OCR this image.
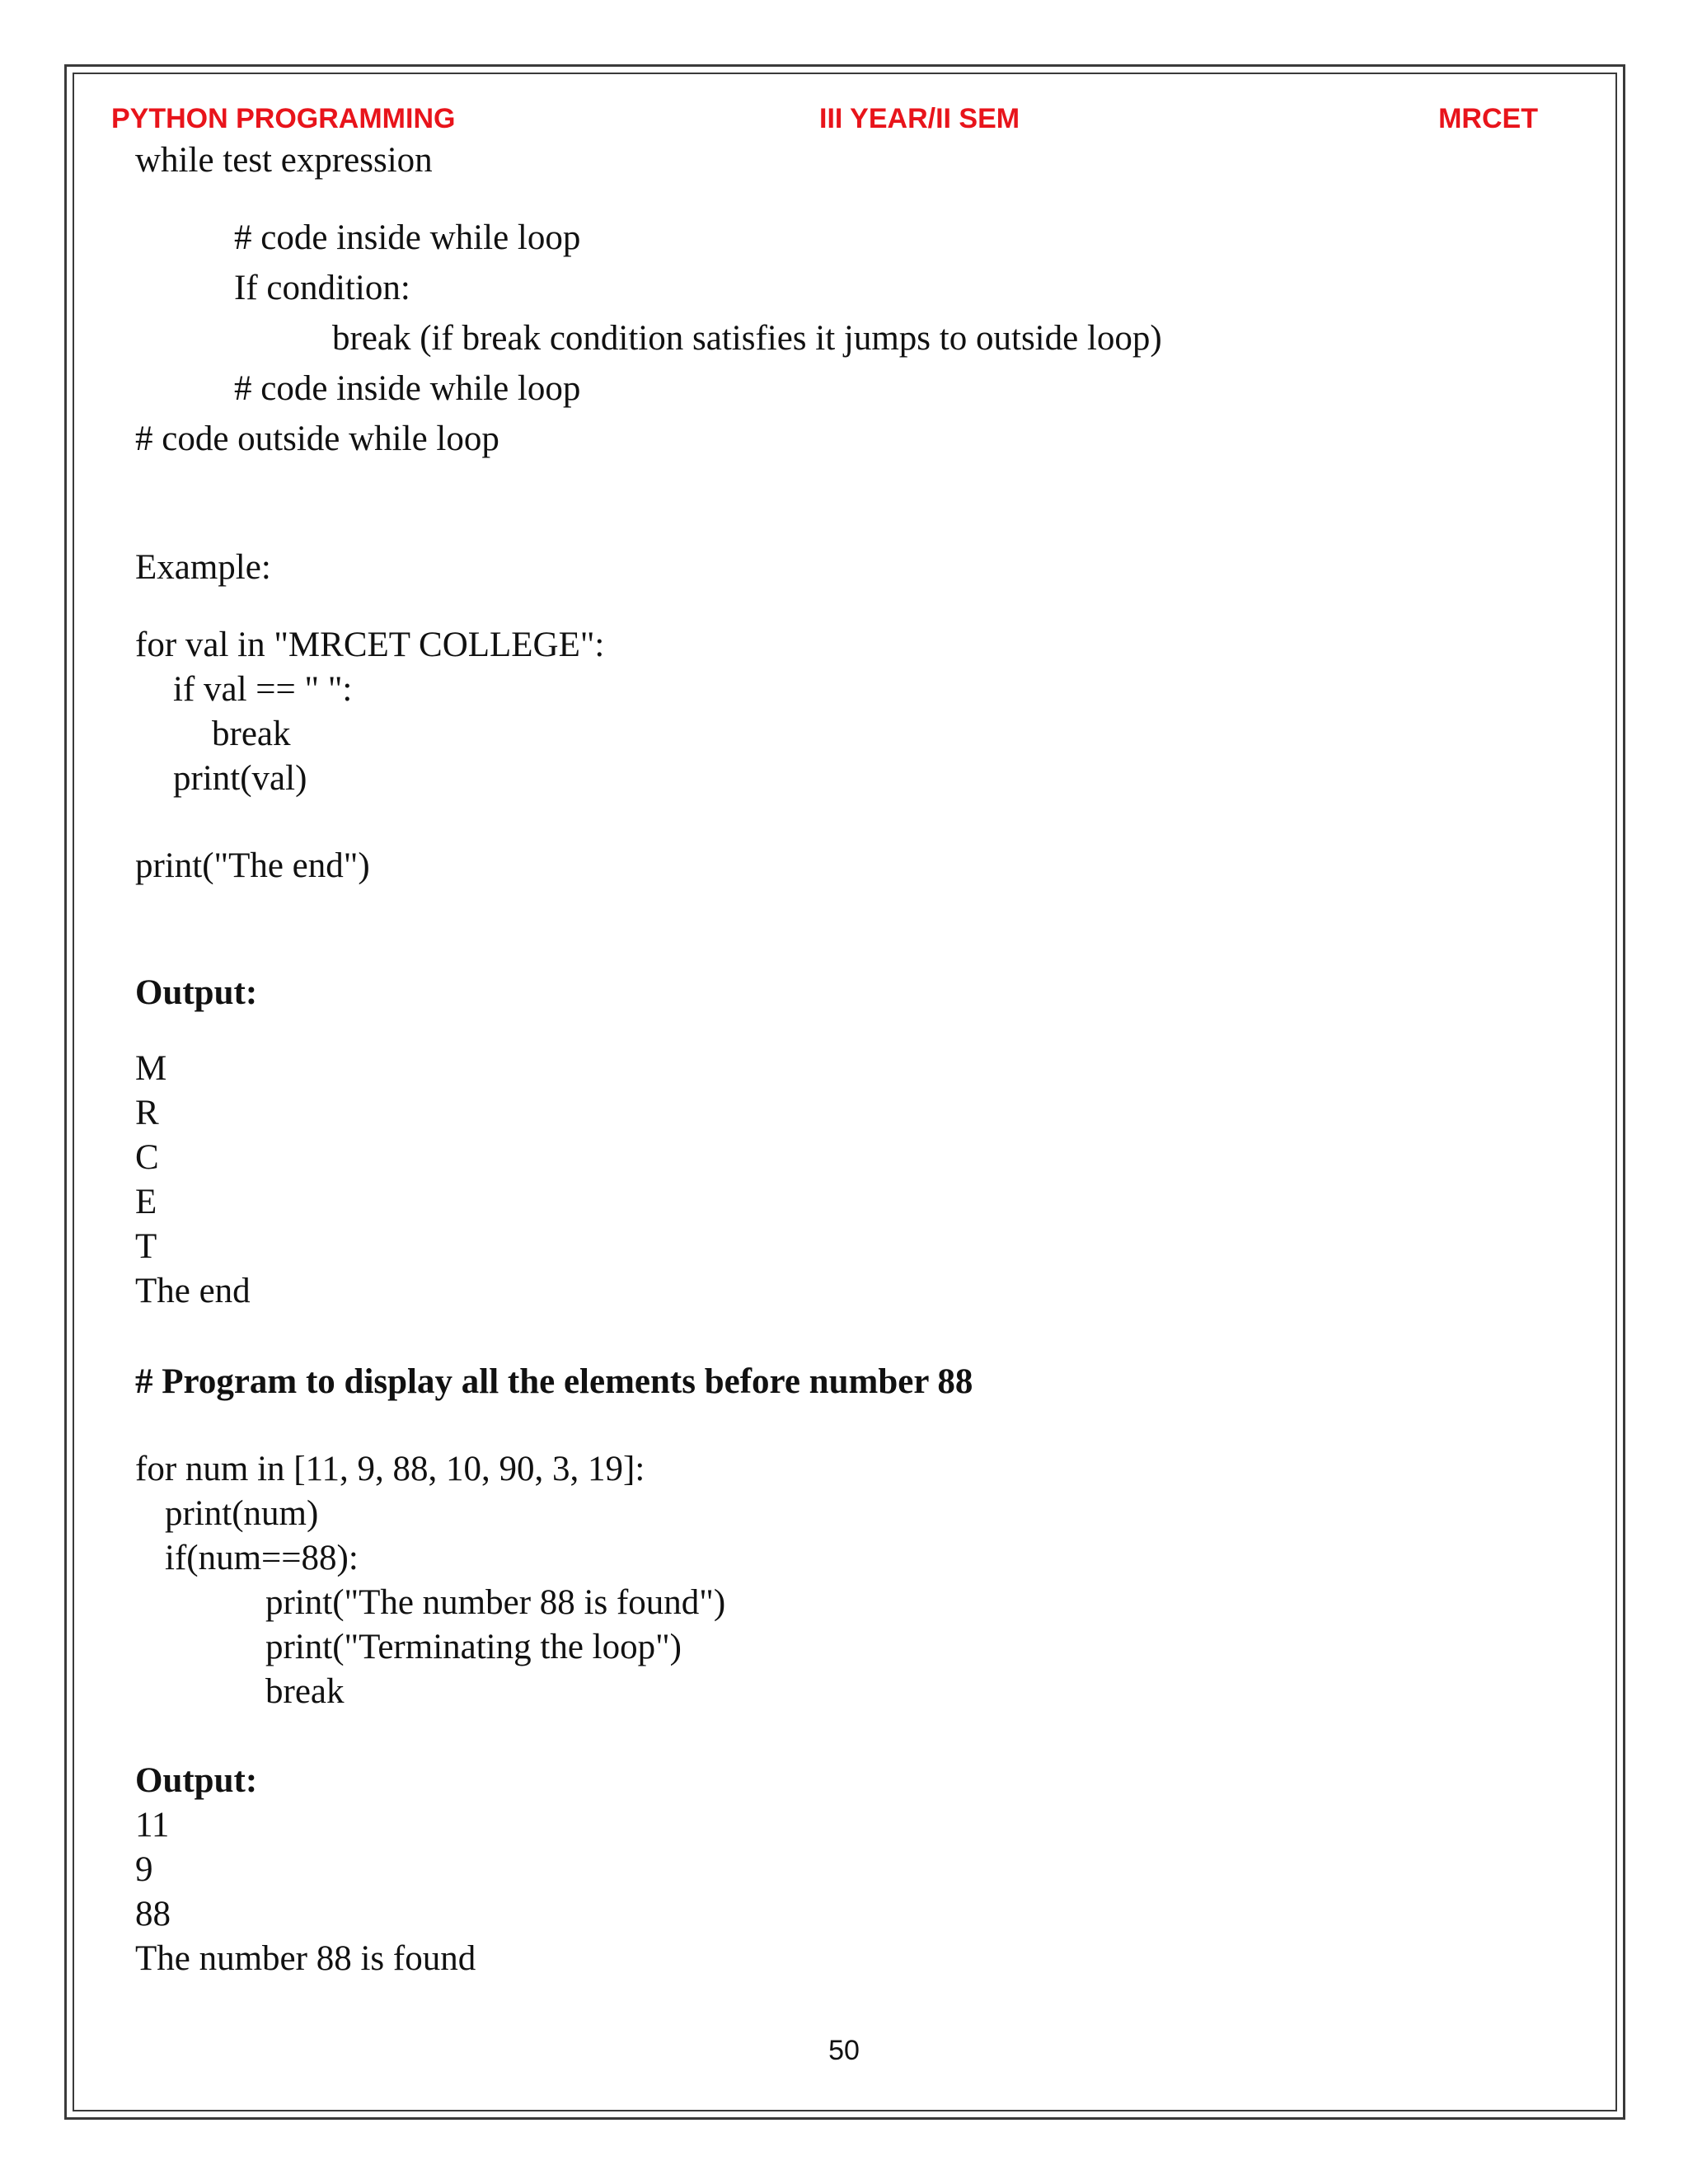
PYTHON PROGRAMMING	III YEAR/II SEM	MRCET
while test expression
# code inside while loop
If condition:
break (if break condition satisfies it jumps to outside loop)
# code inside while loop
# code outside while loop
Example:
for val in "MRCET COLLEGE":
if val == " ":
break
print(val)
print("The end")
Output:
M
R
C
E
T
The end
# Program to display all the elements before number 88
for num in [11, 9, 88, 10, 90, 3, 19]:
print(num)
if(num==88):
print("The number 88 is found")
print("Terminating the loop")
break
Output:
11
9
88
The number 88 is found
50
